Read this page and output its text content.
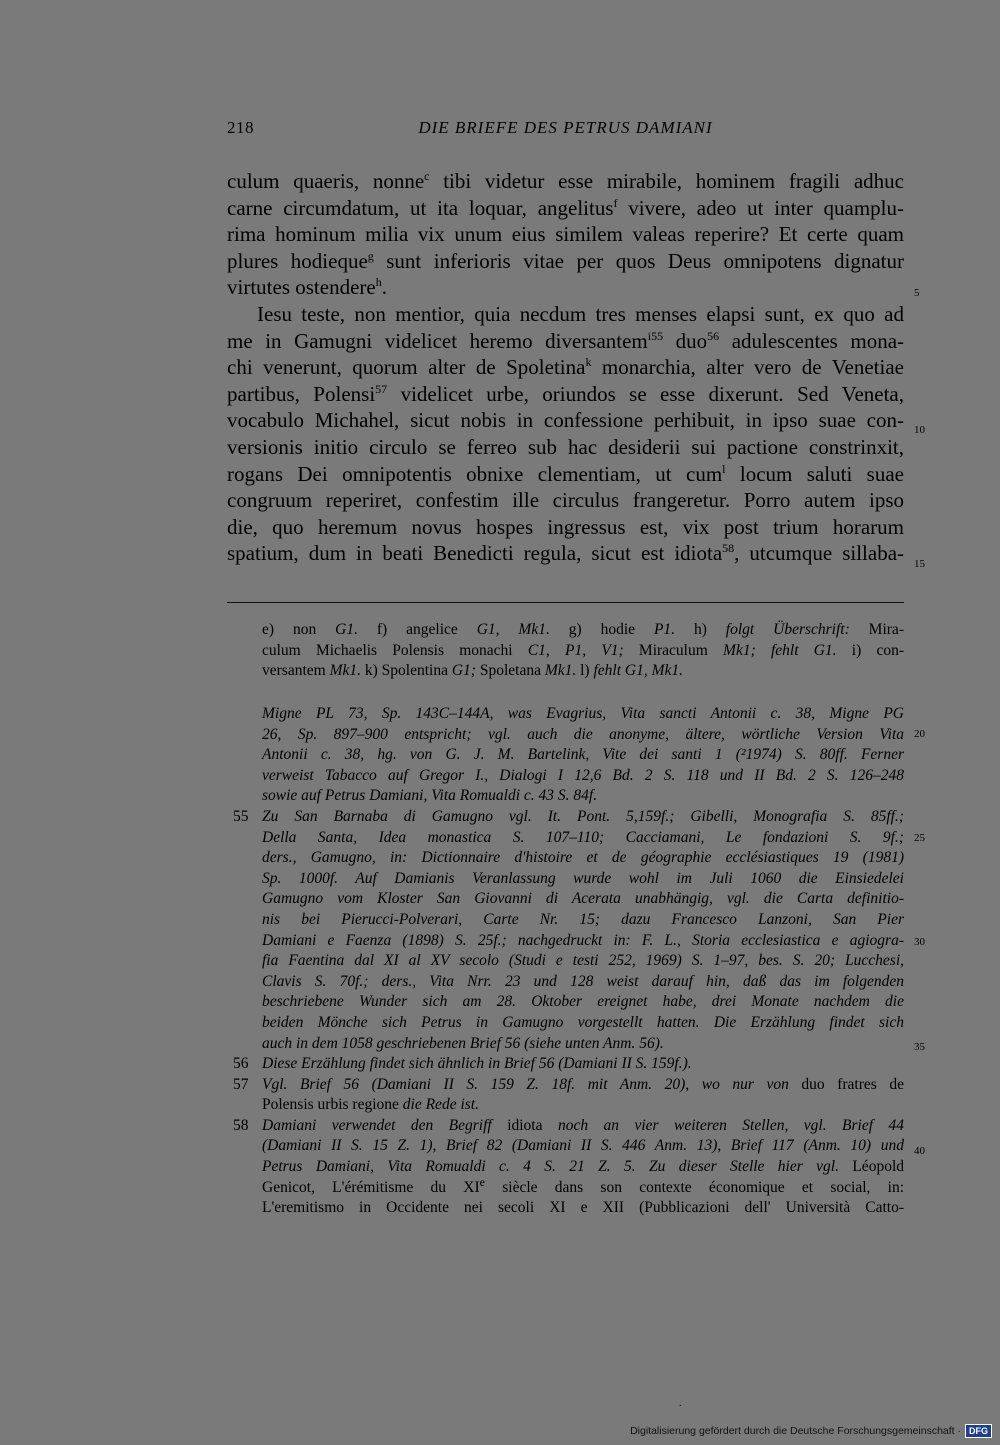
218	DIE BRIEFE DES PETRUS DAMIANI
culum quaeris, nonne$^c$ tibi videtur esse mirabile, hominem fragili adhuc
carne circumdatum, ut ita loquar, angelitus$^f$ vivere, adeo ut inter quamplu-
rima hominum milia vix unum eius similem valeas reperire? Et certe quam
plures hodieque$^g$ sunt inferioris vitae per quos Deus omnipotens dignatur
virtutes ostendere$^h$.
Iesu teste, non mentior, quia necdum tres menses elapsi sunt, ex quo ad
me in Gamugni videlicet heremo diversantem$^{i55}$ duo$^{56}$ adulescentes mona-
chi venerunt, quorum alter de Spoletina$^k$ monarchia, alter vero de Venetiae
partibus, Polensi$^{57}$ videlicet urbe, oriundos se esse dixerunt. Sed Veneta,
vocabulo Michahel, sicut nobis in confessione perhibuit, in ipso suae con-
versionis initio circulo se ferreo sub hac desiderii sui pactione constrinxit,
rogans Dei omnipotentis obnixe clementiam, ut cum$^l$ locum saluti suae
congruum reperiret, confestim ille circulus frangeretur. Porro autem ipso
die, quo heremum novus hospes ingressus est, vix post trium horarum
spatium, dum in beati Benedicti regula, sicut est idiota$^{58}$, utcumque sillaba-
5
10
15
20
25
30
35
40
e) non G1. f) angelice G1, Mk1. g) hodie P1. h) folgt Überschrift: Mira-
culum Michaelis Polensis monachi C1, P1, V1; Miraculum Mk1; fehlt G1. i) con-
versantem Mk1. k) Spolentina G1; Spoletana Mk1. l) fehlt G1, Mk1.
Migne PL 73, Sp. 143C–144A, was Evagrius, Vita sancti Antonii c. 38, Migne PG
26, Sp. 897–900 entspricht; vgl. auch die anonyme, ältere, wörtliche Version Vita
Antonii c. 38, hg. von G. J. M. Bartelink, Vite dei santi 1 (²1974) S. 80ff. Ferner
verweist Tabacco auf Gregor I., Dialogi I 12,6 Bd. 2 S. 118 und II Bd. 2 S. 126–248
sowie auf Petrus Damiani, Vita Romualdi c. 43 S. 84f.
55 Zu San Barnaba di Gamugno vgl. It. Pont. 5,159f.; Gibelli, Monografia S. 85ff.;
Della Santa, Idea monastica S. 107–110; Cacciamani, Le fondazioni S. 9f.;
ders., Gamugno, in: Dictionnaire d'histoire et de géographie ecclésiastiques 19 (1981)
Sp. 1000f. Auf Damianis Veranlassung wurde wohl im Juli 1060 die Einsiedelei
Gamugno vom Kloster San Giovanni di Acerata unabhängig, vgl. die Carta definitio-
nis bei Pierucci-Polverari, Carte Nr. 15; dazu Francesco Lanzoni, San Pier
Damiani e Faenza (1898) S. 25f.; nachgedruckt in: F. L., Storia ecclesiastica e agiogra-
fia Faentina dal XI al XV secolo (Studi e testi 252, 1969) S. 1–97, bes. S. 20; Lucchesi,
Clavis S. 70f.; ders., Vita Nrr. 23 und 128 weist darauf hin, daß das im folgenden
beschriebene Wunder sich am 28. Oktober ereignet habe, drei Monate nachdem die
beiden Mönche sich Petrus in Gamugno vorgestellt hatten. Die Erzählung findet sich
auch in dem 1058 geschriebenen Brief 56 (siehe unten Anm. 56).
56 Diese Erzählung findet sich ähnlich in Brief 56 (Damiani II S. 159f.).
57 Vgl. Brief 56 (Damiani II S. 159 Z. 18f. mit Anm. 20), wo nur von duo fratres de
Polensis urbis regione die Rede ist.
58 Damiani verwendet den Begriff idiota noch an vier weiteren Stellen, vgl. Brief 44
(Damiani II S. 15 Z. 1), Brief 82 (Damiani II S. 446 Anm. 13), Brief 117 (Anm. 10) und
Petrus Damiani, Vita Romualdi c. 4 S. 21 Z. 5. Zu dieser Stelle hier vgl. Léopold
Genicot, L'érémitisme du XIe siècle dans son contexte économique et social, in:
L'eremitismo in Occidente nei secoli XI e XII (Pubblicazioni dell' Università Catto-
.
Digitalisierung gefördert durch die Deutsche Forschungsgemeinschaft · DFG
